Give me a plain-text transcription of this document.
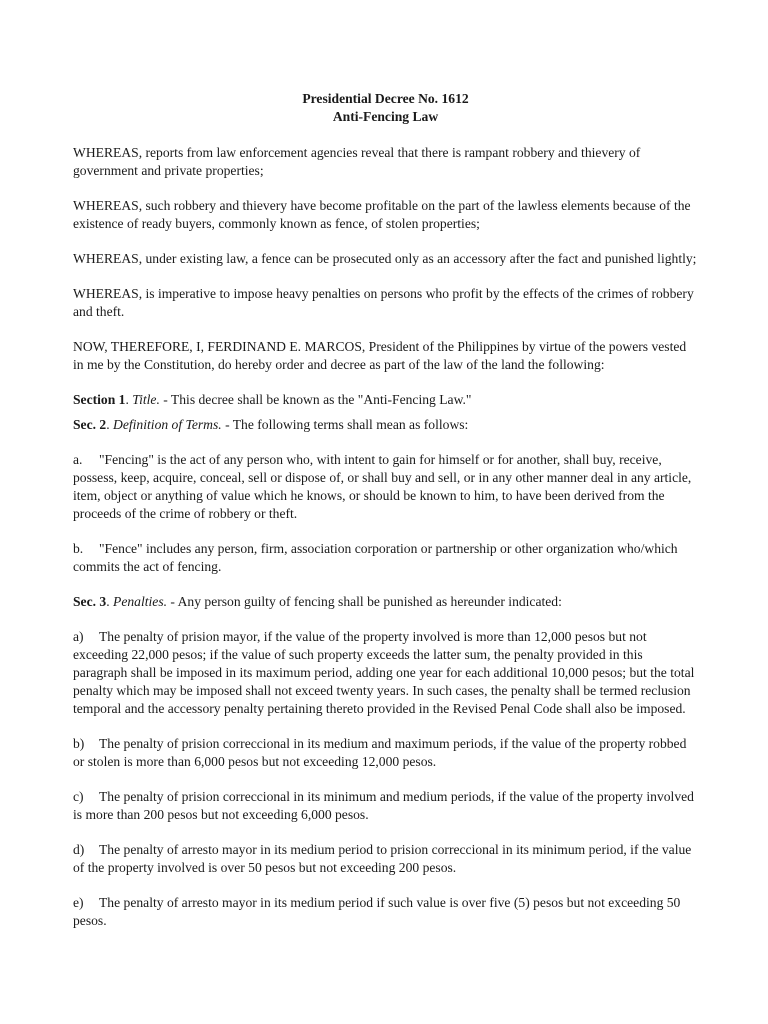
Presidential Decree No. 1612
Anti-Fencing Law

WHEREAS, reports from law enforcement agencies reveal that there is rampant robbery and thievery of government and private properties;

WHEREAS, such robbery and thievery have become profitable on the part of the lawless elements because of the existence of ready buyers, commonly known as fence, of stolen properties;

WHEREAS, under existing law, a fence can be prosecuted only as an accessory after the fact and punished lightly;

WHEREAS, is imperative to impose heavy penalties on persons who profit by the effects of the crimes of robbery and theft.

NOW, THEREFORE, I, FERDINAND E. MARCOS, President of the Philippines by virtue of the powers vested in me by the Constitution, do hereby order and decree as part of the law of the land the following:

Section 1. Title. - This decree shall be known as the "Anti-Fencing Law."

Sec. 2. Definition of Terms. - The following terms shall mean as follows:

a. "Fencing" is the act of any person who, with intent to gain for himself or for another, shall buy, receive, possess, keep, acquire, conceal, sell or dispose of, or shall buy and sell, or in any other manner deal in any article, item, object or anything of value which he knows, or should be known to him, to have been derived from the proceeds of the crime of robbery or theft.

b. "Fence" includes any person, firm, association corporation or partnership or other organization who/which commits the act of fencing.

Sec. 3. Penalties. - Any person guilty of fencing shall be punished as hereunder indicated:

a) The penalty of prision mayor, if the value of the property involved is more than 12,000 pesos but not exceeding 22,000 pesos; if the value of such property exceeds the latter sum, the penalty provided in this paragraph shall be imposed in its maximum period, adding one year for each additional 10,000 pesos; but the total penalty which may be imposed shall not exceed twenty years. In such cases, the penalty shall be termed reclusion temporal and the accessory penalty pertaining thereto provided in the Revised Penal Code shall also be imposed.

b) The penalty of prision correccional in its medium and maximum periods, if the value of the property robbed or stolen is more than 6,000 pesos but not exceeding 12,000 pesos.

c) The penalty of prision correccional in its minimum and medium periods, if the value of the property involved is more than 200 pesos but not exceeding 6,000 pesos.

d) The penalty of arresto mayor in its medium period to prision correccional in its minimum period, if the value of the property involved is over 50 pesos but not exceeding 200 pesos.

e) The penalty of arresto mayor in its medium period if such value is over five (5) pesos but not exceeding 50 pesos.
